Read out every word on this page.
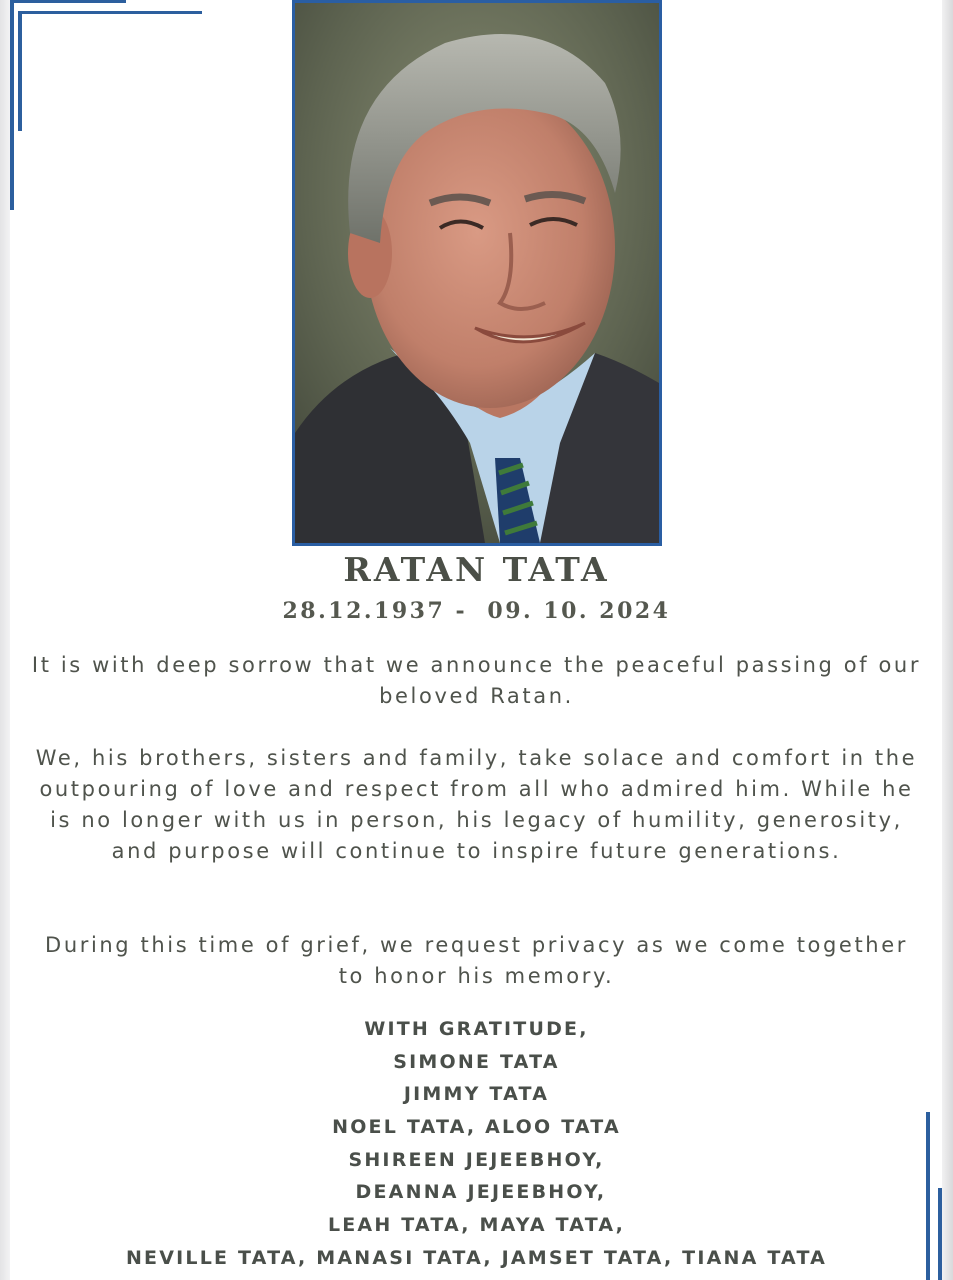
RATAN TATA
28.12.1937 -  09. 10. 2024
It is with deep sorrow that we announce the peaceful passing of our beloved Ratan.
We, his brothers, sisters and family, take solace and comfort in the outpouring of love and respect from all who admired him. While he is no longer with us in person, his legacy of humility, generosity, and purpose will continue to inspire future generations.
During this time of grief, we request privacy as we come together to honor his memory.
WITH GRATITUDE,
SIMONE TATA
JIMMY TATA
NOEL TATA, ALOO TATA
SHIREEN JEJEEBHOY,
DEANNA JEJEEBHOY,
LEAH TATA, MAYA TATA,
NEVILLE TATA, MANASI TATA, JAMSET TATA, TIANA TATA
